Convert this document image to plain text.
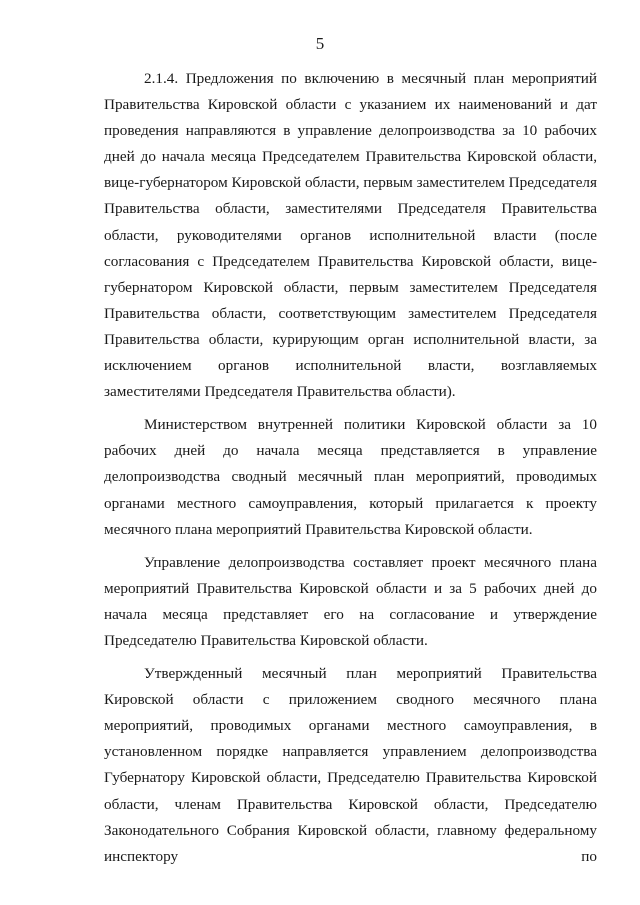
5

2.1.4. Предложения по включению в месячный план мероприятий Правительства Кировской области с указанием их наименований и дат проведения направляются в управление делопроизводства за 10 рабочих дней до начала месяца Председателем Правительства Кировской области, вице-губернатором Кировской области, первым заместителем Председателя Правительства области, заместителями Председателя Правительства области, руководителями органов исполнительной власти (после согласования с Председателем Правительства Кировской области, вице-губернатором Кировской области, первым заместителем Председателя Правительства области, соответствующим заместителем Председателя Правительства области, курирующим орган исполнительной власти, за исключением органов исполнительной власти, возглавляемых заместителями Председателя Правительства области).

Министерством внутренней политики Кировской области за 10 рабочих дней до начала месяца представляется в управление делопроизводства сводный месячный план мероприятий, проводимых органами местного самоуправления, который прилагается к проекту месячного плана мероприятий Правительства Кировской области.

Управление делопроизводства составляет проект месячного плана мероприятий Правительства Кировской области и за 5 рабочих дней до начала месяца представляет его на согласование и утверждение Председателю Правительства Кировской области.

Утвержденный месячный план мероприятий Правительства Кировской области с приложением сводного месячного плана мероприятий, проводимых органами местного самоуправления, в установленном порядке направляется управлением делопроизводства Губернатору Кировской области, Председателю Правительства Кировской области, членам Правительства Кировской области, Председателю Законодательного Собрания Кировской области, главному федеральному инспектору по
